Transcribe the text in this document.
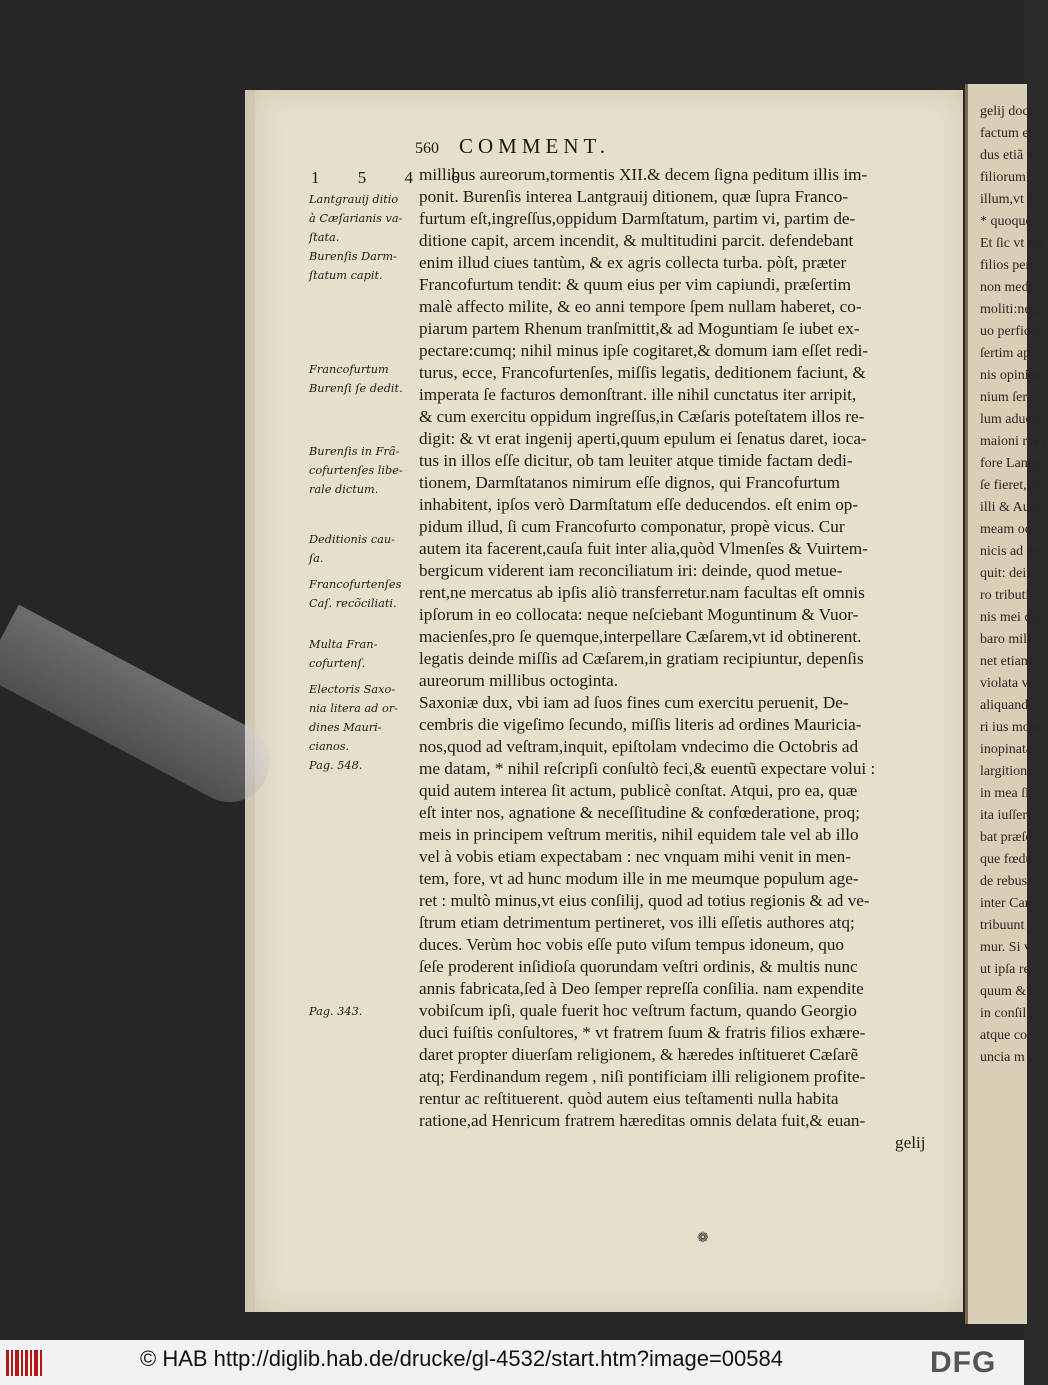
560 COMMENT.
1 5 4 6
Lantgrauij ditio
à Cæſarianis va-
ſtata.
Burenſis Darm-
ſtatum capit.
Francofurtum
Burenſi ſe dedit.
Burenſis in Frã-
cofurtenſes libe-
rale dictum.
Deditionis cau-
ſa.
Francofurtenſes
Caſ. recõciliati.
Multa Fran-
cofurtenſ.
Electoris Saxo-
nia litera ad or-
dines Mauri-
cianos.
Pag. 548.
Pag. 343.
millibus aureorum,tormentis XII.& decem ſigna peditum illis im-
ponit. Burenſis interea Lantgrauij ditionem, quæ ſupra Franco-
furtum eſt,ingreſſus,oppidum Darmſtatum, partim vi, partim de-
ditione capit, arcem incendit, & multitudini parcit. defendebant
enim illud ciues tantùm, & ex agris collecta turba. pòſt, præter
Francofurtum tendit: & quum eius per vim capiundi, præſertim
malè affecto milite, & eo anni tempore ſpem nullam haberet, co-
piarum partem Rhenum tranſmittit,& ad Moguntiam ſe iubet ex-
pectare:cumq; nihil minus ipſe cogitaret,& domum iam eſſet redi-
turus, ecce, Francofurtenſes, miſſis legatis, deditionem faciunt, &
imperata ſe facturos demonſtrant. ille nihil cunctatus iter arripit,
& cum exercitu oppidum ingreſſus,in Cæſaris poteſtatem illos re-
digit: & vt erat ingenij aperti,quum epulum ei ſenatus daret, ioca-
tus in illos eſſe dicitur, ob tam leuiter atque timide factam dedi-
tionem, Darmſtatanos nimirum eſſe dignos, qui Francofurtum
inhabitent, ipſos verò Darmſtatum eſſe deducendos. eſt enim op-
pidum illud, ſi cum Francofurto componatur, propè vicus. Cur
autem ita facerent,cauſa fuit inter alia,quòd Vlmenſes & Vuirtem-
bergicum viderent iam reconciliatum iri: deinde, quod metue-
rent,ne mercatus ab ipſis aliò transferretur.nam facultas eſt omnis
ipſorum in eo collocata: neque neſciebant Moguntinum & Vuor-
macienſes,pro ſe quemque,interpellare Cæſarem,vt id obtinerent.
legatis deinde miſſis ad Cæſarem,in gratiam recipiuntur, depenſis
aureorum millibus octoginta.
Saxoniæ dux, vbi iam ad ſuos fines cum exercitu peruenit, De-
cembris die vigeſimo ſecundo, miſſis literis ad ordines Mauricia-
nos,quod ad veſtram,inquit, epiſtolam vndecimo die Octobris ad
me datam, * nihil reſcripſi conſultò feci,& euentũ expectare volui :
quid autem interea ſit actum, publicè conſtat. Atqui, pro ea, quæ
eſt inter nos, agnatione & neceſſitudine & confœderatione, proq;
meis in principem veſtrum meritis, nihil equidem tale vel ab illo
vel à vobis etiam expectabam : nec vnquam mihi venit in men-
tem, fore, vt ad hunc modum ille in me meumque populum age-
ret : multò minus,vt eius conſilij, quod ad totius regionis & ad ve-
ſtrum etiam detrimentum pertineret, vos illi eſſetis authores atq;
duces. Verùm hoc vobis eſſe puto viſum tempus idoneum, quo
ſeſe proderent inſidioſa quorundam veſtri ordinis, & multis nunc
annis fabricata,ſed à Deo ſemper repreſſa conſilia. nam expendite
vobiſcum ipſi, quale fuerit hoc veſtrum factum, quando Georgio
duci fuiſtis conſultores, * vt fratrem ſuum & fratris filios exhære-
daret propter diuerſam religionem, & hæredes inſtitueret Cæſarẽ
atq; Ferdinandum regem , niſi pontificiam illi religionem profite-
rentur ac reſtituerent. quòd autem eius teſtamenti nulla habita
ratione,ad Henricum fratrem hæreditas omnis delata fuit,& euan-
gelij
❁
gelij doct
factum eſt
dus etiã v
filiorum
illum,vt à
* quoque
Et ſic vt ho
filios peru
non medic
moliti:neq
uo perficer
ſertim apu
nis opinion
nium ſere q
lum aduerſ
maioni res c
fore Lantgr
ſe fieret, fec
illi & Augu
meam occ
nicis ad m
quit: dein
ro tributi.
nis mei qu
baro mili
net etiam
violata v
aliquando
ri ius moue
inopinata
largitione
in mea ſil
ita iuſſeri
bat præſe
que fœdu
de rebus
inter Car
tribuunt
mur. Si v
ut ipſa re
quum &
in conſil
atque co
uncia m
© HAB http://diglib.hab.de/drucke/gl-4532/start.htm?image=00584	DFG
